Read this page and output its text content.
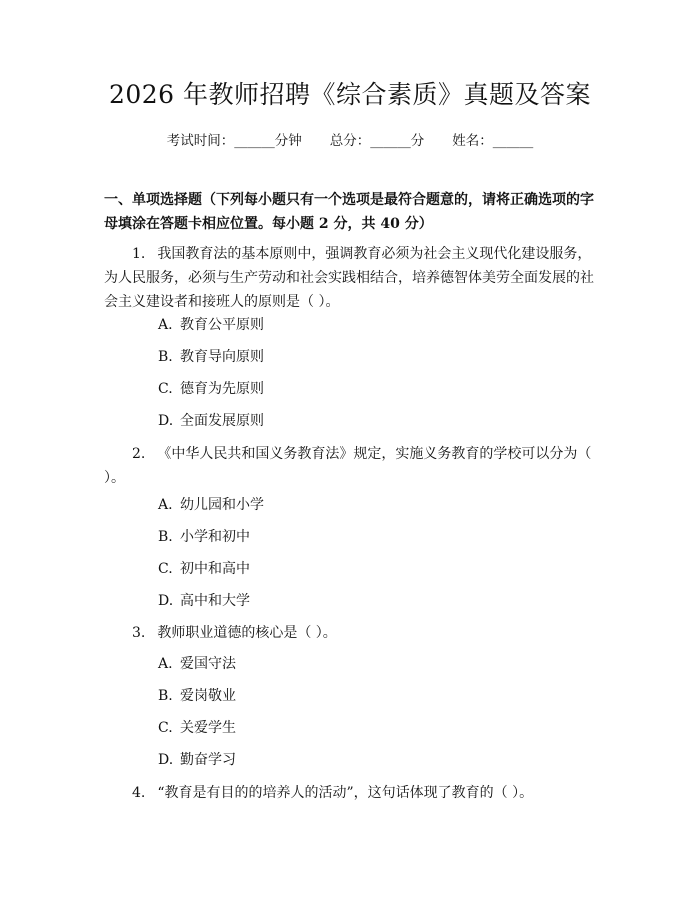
2026 年教师招聘《综合素质》真题及答案
考试时间：______分钟 总分：______分 姓名：______
一、单项选择题（下列每小题只有一个选项是最符合题意的，请将正确选项的字母填涂在答题卡相应位置。每小题 2 分，共 40 分）
1. 我国教育法的基本原则中，强调教育必须为社会主义现代化建设服务，为人民服务，必须与生产劳动和社会实践相结合，培养德智体美劳全面发展的社会主义建设者和接班人的原则是（ ）。
A. 教育公平原则
B. 教育导向原则
C. 德育为先原则
D. 全面发展原则
2. 《中华人民共和国义务教育法》规定，实施义务教育的学校可以分为（ ）。
A. 幼儿园和小学
B. 小学和初中
C. 初中和高中
D. 高中和大学
3. 教师职业道德的核心是（ ）。
A. 爱国守法
B. 爱岗敬业
C. 关爱学生
D. 勤奋学习
4. “教育是有目的的培养人的活动”，这句话体现了教育的（ ）。
